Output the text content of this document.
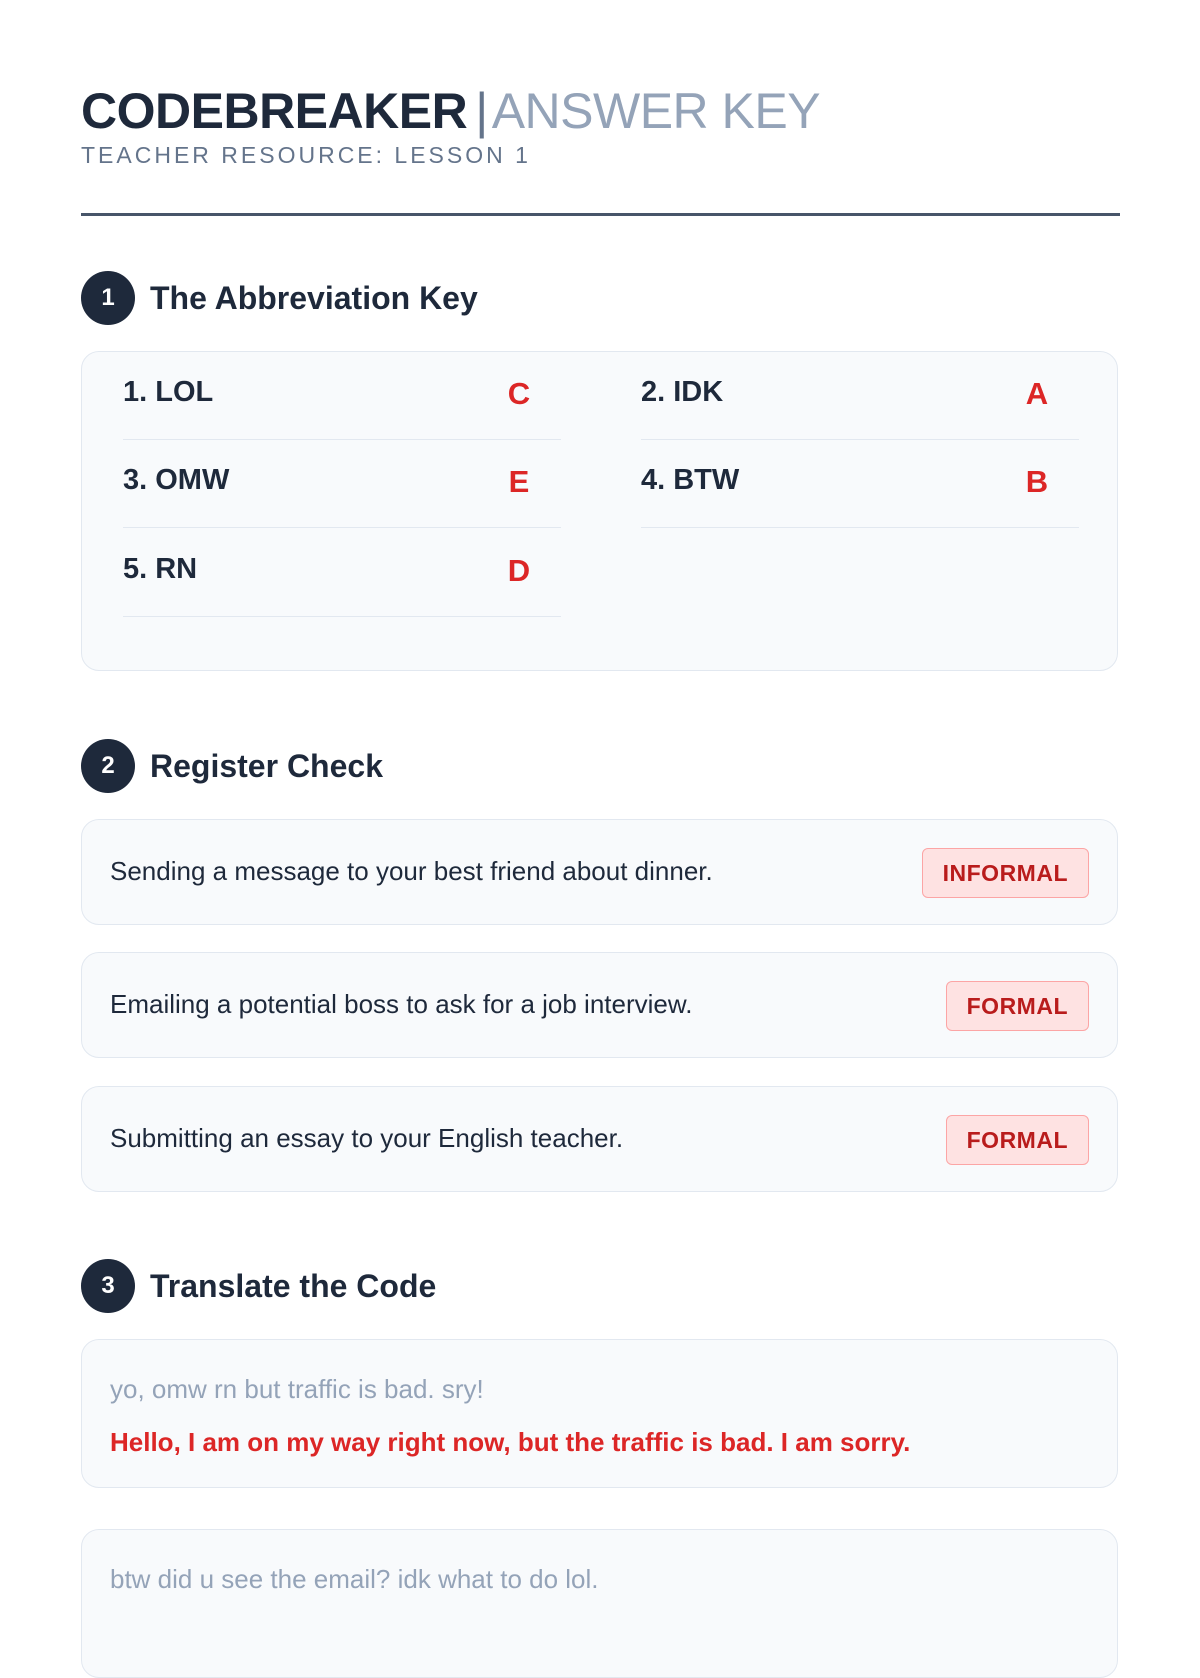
CODEBREAKER |ANSWER KEY
TEACHER RESOURCE: LESSON 1
1	The Abbreviation Key
1. LOL	C	2. IDK	A
3. OMW	E	4. BTW	B
5. RN	D
2	Register Check
Sending a message to your best friend about dinner.	INFORMAL
Emailing a potential boss to ask for a job interview.	FORMAL
Submitting an essay to your English teacher.	FORMAL
3	Translate the Code
yo, omw rn but traffic is bad. sry!
Hello, I am on my way right now, but the traffic is bad. I am sorry.
btw did u see the email? idk what to do lol.
